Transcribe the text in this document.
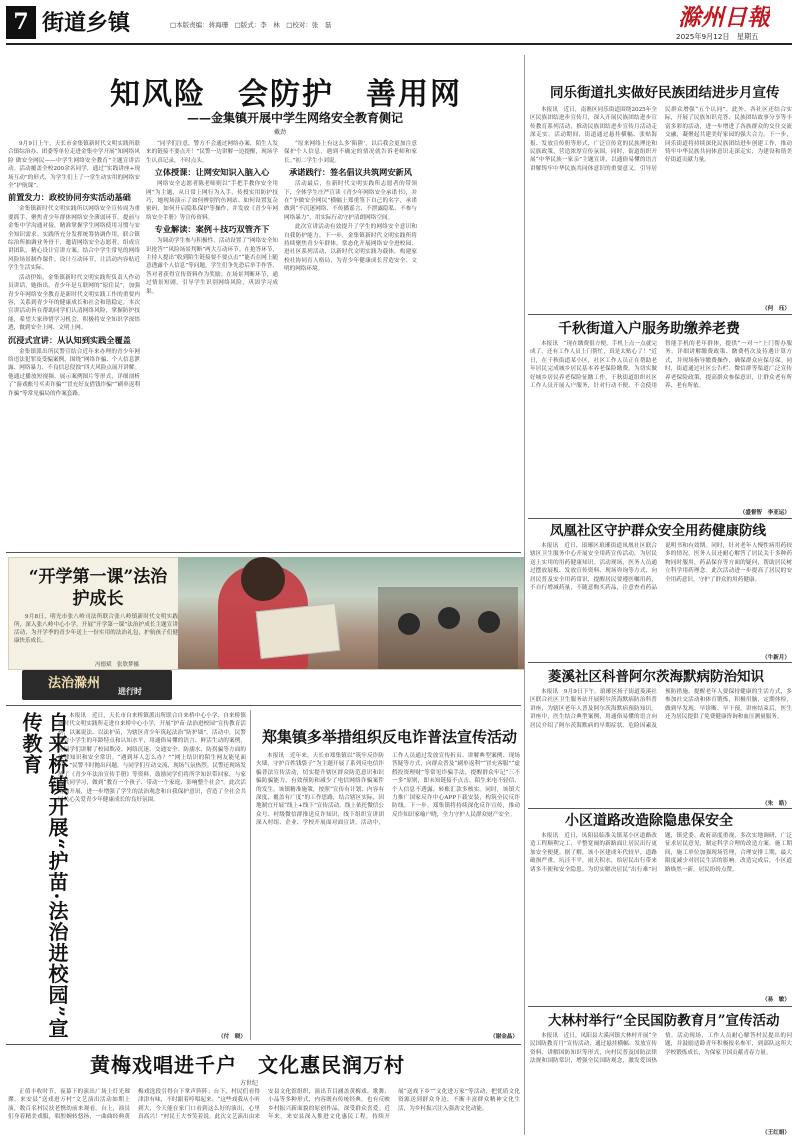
7 街道乡镇	□本版责编：蒋海珊　□版式：李　林　□校对：张　磊	滁州日報
2025年9月12日　星期五
知风险　会防护　善用网
——金集镇开展中学生网络安全教育侧记
戴劲

9月9日上午，天长市金集镇新时代文明实践所联合镇综治办、团委等单位走进金集中学开展“知网络风险 做安全网民——中学生网络安全教育”主题宣讲活动。活动覆盖全校200余名同学，通过“实践讲座+现场互动”的形式，为学生们上了一堂生动实用的网络安全“护航课”。

前置发力：政校协同夯实活动基础

金集镇新时代文明实践所以网络安全宣传周为重要抓手，聚焦青少年群体网络安全薄弱环节，提前与金集中学沟通对接，精准掌握学生网络使用习惯与安全知识需求。实践所充分发挥统筹协调作用，联合镇综治所抽调业务骨干，邀请网络安全志愿者，组成宣讲团队，精心设计宣讲方案，结合中学生常见的网络风险场景制作课件，设计互动环节，让活动内容贴近学生生活实际。

活动伊始，金集镇新时代文明实践所负责人作动员讲话，她指出，青少年是互联网的“原住民”，加强青少年网络安全教育是新时代文明实践工作的重要内容，关系到青少年的健康成长和社会和谐稳定。本次宣讲活动旨在帮助同学们认清网络风险，掌握防护技能，希望大家珍惜学习机会，积极将安全知识学深悟透，做到安全上网、文明上网。

沉浸式宣讲：从认知到实践全覆盖

金集镇派出所民警宣结合近年来办理的青少年网络违法犯罪及受骗案例，围绕“网络诈骗、个人信息泄露、网络暴力、不良信息侵蚀”四大风险点展开讲解。他通过播放短视频、展示案例图片等形式，详细剖析了“游戏账号买卖诈骗”“冒充好友借钱诈骗”“刷单返利诈骗”等常见骗局的作案套路。

“同学们注意，警方不会通过网络办案，陌生人发来的链接不要点开！”民警一边讲解一边提醒，现场学生认真记录，不时点头。

立体授课：让网安知识入脑入心

网络安全志愿者陈老师则以“手把手教你安全用网”为主题，从日常上网行为入手，传授实用防护技巧，她现场演示了如何辨别钓鱼网站、如何设置复杂密码、如何开启隐私保护等操作，并发放《青少年网络安全手册》等宣传资料。

专业解读：案例＋技巧双管齐下

为调动学生参与积极性，活动设置了“网络安全知识抢答”“风险场景判断”两大互动环节。在抢答环节，主持人提出“收到陌生链接要不要点击”“能否在网上随意透露个人信息”等问题，学生们争先恐后举手作答，答对者获得宣传资料作为奖励；在场景判断环节，通过情景短剧，引导学生识别网络风险，巩固学习成果。

“原来网络上有这么多‘陷阱’，以后我会更加注意保护个人信息，遇到不确定的情况就告诉老师和家长。”初二学生小刘说。

承诺践行：签名倡议共筑网安新风

活动最后，在新时代文明实践所志愿者的带领下，全体学生庄严宣读《青少年网络安全承诺书》，并在“争做安全网民”横幅上郑重签下自己的名字，承诺做到“不沉迷网络、不传播谣言、不泄露隐私、不参与网络暴力”，用实际行动守护清朗网络空间。

此次宣讲活动有效提升了学生的网络安全意识和自我防护能力。下一步，金集镇新时代文明实践所将持续聚焦青少年群体，常态化开展网络安全进校园、进社区系列活动，以新时代文明实践为载体，构建家校社协同育人格局，为青少年健康成长营造安全、文明的网络环境。

“开学第一课”法治护成长

9月8日，明光市张八岭司法所联合张八岭镇新时代文明实践所，深入张八岭中心小学，开展“开学第一课”法治护成长主题宣讲活动，为开学季的青少年送上一份实用的法治礼包，护航孩子们健康快乐成长。

冯德斌　张欣梦摄
法治滁州 进行时
自来桥镇开展“护苗·法治进校园”宣传教育	本报讯　近日，天长市自来桥镇派出所联合自来桥中心小学、自来桥镇新时代文明实践所走进自来桥中心小学，开展“护苗·法治进校园”宣传教育活动，以案说法、以法护苗，为辖区青少年筑起法治“防护墙”。活动中，民警结合小学生的年龄特点和认知水平，用通俗易懂的语言、鲜活生动的案例，向同学们讲解了校园欺凌、网络沉迷、交通安全、防溺水、防拐骗等方面的法律知识和安全常识。“遇到坏人怎么办？”“网上结识的陌生网友能见面吗？”民警不时抛出问题，与同学们互动交流，现场气氛热烈。民警还现场发放了《青少年法治宣传手册》等资料，鼓励同学们将所学知识带回家，与家人共同学习，做到“教育一个孩子、带动一个家庭、影响整个社会”。此次活动的开展，进一步增强了学生的法治观念和自我保护意识，营造了全社会共同关心关爱青少年健康成长的良好氛围。

（付　晓）
郑集镇多举措组织反电诈普法宣传活动

本报讯　近年来，天长市郑集镇以“筑牢反诈防火墙，守护百姓钱袋子”为主题开展了系列反电信诈骗普法宣传活动，切实提升辖区群众防范意识和识骗防骗能力，有效预防和减少了电信网络诈骗案件的发生。该镇精准施策，按照“宣传有计划、内容有深度、覆盖有广度”的工作思路，结合辖区实际，因地制宜开展“线上+线下”宣传活动。线上依托微信公众号、村级微信群推送反诈知识，线下组织宣讲团深入村组、企业、学校开展面对面宣讲。活动中，工作人员通过发放宣传折页、讲解典型案例、现场答疑等方式，向群众普及“刷单返利”“冒充客服”“虚假投资理财”等常见诈骗手法，提醒群众牢记“三不一多”原则，即未知链接不点击、陌生来电不轻信、个人信息不透露、转账汇款多核实。同时，该镇大力推广国家反诈中心APP下载安装，构筑全民反诈防线。下一步，郑集镇将持续深化反诈宣传，推动反诈知识家喻户晓，全力守护人民群众财产安全。

（谢金晶）
黄梅戏唱进千户　文化惠民润万村
方世纪

正值丰收时节，夜幕下的演出广场上灯光璀璨，来安县“送戏进万村”文艺演出活动如期上演，数百名村民扶老携幼前来观看。台上，演员们身着精美戏服，唱腔婉转悠扬，一曲曲经典黄梅戏选段引得台下掌声阵阵；台下，村民们看得津津有味，不时跟着哼唱起来。“这些戏我从小听到大，今天能在家门口看到这么好的演出，心里真高兴！”村民王大爷笑着说。此次文艺演出由来安县文化馆组织，演出节目涵盖黄梅戏、歌舞、小品等多种形式，内容既有传统经典，也有反映乡村振兴新面貌的原创作品，深受群众喜爱。近年来，来安县深入推进文化惠民工程，持续开展“送戏下乡”“文化进万家”等活动，把优质文化资源送到群众身边，不断丰富群众精神文化生活，为乡村振兴注入强劲文化动能。

同乐街道扎实做好民族团结进步月宣传

本报讯　近日，南谯区同乐街道围绕2025年全区民族团结进步宣传月，深入开展民族团结进步宣传教育系列活动，推动民族团结进步宣传月活动走深走实。活动期间，街道通过悬挂横幅、张贴海报、发放宣传册等形式，广泛宣传党的民族理论和民族政策，营造浓厚宣传氛围。同时，街道组织开展“中华民族一家亲”主题宣讲，以通俗易懂的语言讲解铸牢中华民族共同体意识的重要意义，引导居民群众增强“五个认同”。此外，各社区还结合实际，开展了民族知识竞答、民族团结故事分享等丰富多彩的活动，进一步增进了各族群众的交往交流交融，凝聚起共建美好家园的强大合力。下一步，同乐街道将持续深化民族团结进步创建工作，推动铸牢中华民族共同体意识走深走实，为建设和谐美好街道贡献力量。

（何　珏）
千秋街道入户服务助缴养老费

本报讯　“现在缴费很方便，手机上点一点就完成了，还有工作人员上门帮忙，真是太贴心了！”近日，在千秋街道某小区，社区工作人员正在帮助老年居民完成城乡居民基本养老保险缴费。为切实做好城乡居民养老保险征缴工作，千秋街道组织社区工作人员开展入户服务，针对行动不便、不会使用智能手机的老年群体，提供“一对一”上门帮办服务，详细讲解缴费政策、缴费档次及待遇计算方式，并现场指导缴费操作，确保群众应保尽保。同时，街道通过社区公告栏、微信群等渠道广泛宣传养老保险政策，提高群众参保意识，让群众老有所养、老有所依。

（盛督智　李亚运）
凤凰社区守护群众安全用药健康防线

本报讯　近日，琅琊区琅琊街道凤凰社区联合辖区卫生服务中心开展安全用药宣传活动，为居民送上实用的用药健康知识。活动现场，医务人员通过摆放展板、发放宣传资料、现场咨询等方式，向居民普及安全用药常识，提醒居民要遵医嘱用药，不自行增减药量，不随意购买药品，注意查看药品说明书和有效期。同时，针对老年人慢性病用药较多的情况，医务人员还耐心解答了居民关于多种药物同时服用、药品保存等方面的疑问，帮助居民树立科学用药理念。此次活动进一步提高了居民的安全用药意识，守护了群众的用药健康。

（牛新月）
菱溪社区科普阿尔茨海默病防治知识

本报讯　9月9日下午，琅琊区扬子街道菱溪社区联合社区卫生服务站开展阿尔茨海默病防治科普讲座，为辖区老年人普及阿尔茨海默病预防知识。讲座中，医生结合典型案例，用通俗易懂的语言向居民介绍了阿尔茨海默病的早期症状、危险因素及预防措施，提醒老年人要保持健康的生活方式，多参加社交活动和体育锻炼，积极用脑，定期体检，做到早发现、早诊断、早干预。讲座结束后，医生还为居民提供了免费健康咨询和血压测量服务。

（朱　皓）
小区道路改造除隐患保安全

本报讯　近日，凤阳县临淮关镇某小区道路改造工程顺利完工，平整宽阔的新路面让居民出行更加安全便捷。据了解，该小区建成年代较早，道路破损严重，坑洼不平，雨天积水，给居民出行带来诸多不便和安全隐患。为切实解决居民“出行难”问题，镇党委、政府高度重视，多次实地调研，广泛征求居民意见，制定科学合理的改造方案。施工期间，施工单位加强现场管理，合理安排工期，最大限度减少对居民生活的影响。改造完成后，小区道路焕然一新，居民纷纷点赞。

（易　敏）
大林村举行“全民国防教育月”宣传活动

本报讯　近日，凤阳县大溪河镇大林村开展“全民国防教育月”宣传活动，通过悬挂横幅、发放宣传资料、讲解国防知识等形式，向村民普及国防法律法规和国防常识，增强全民国防观念，激发爱国热情。活动现场，工作人员耐心解答村民提出的问题，并鼓励适龄青年积极报名参军，到部队这所大学校锻炼成长，为保家卫国贡献青春力量。

（王红娟）
